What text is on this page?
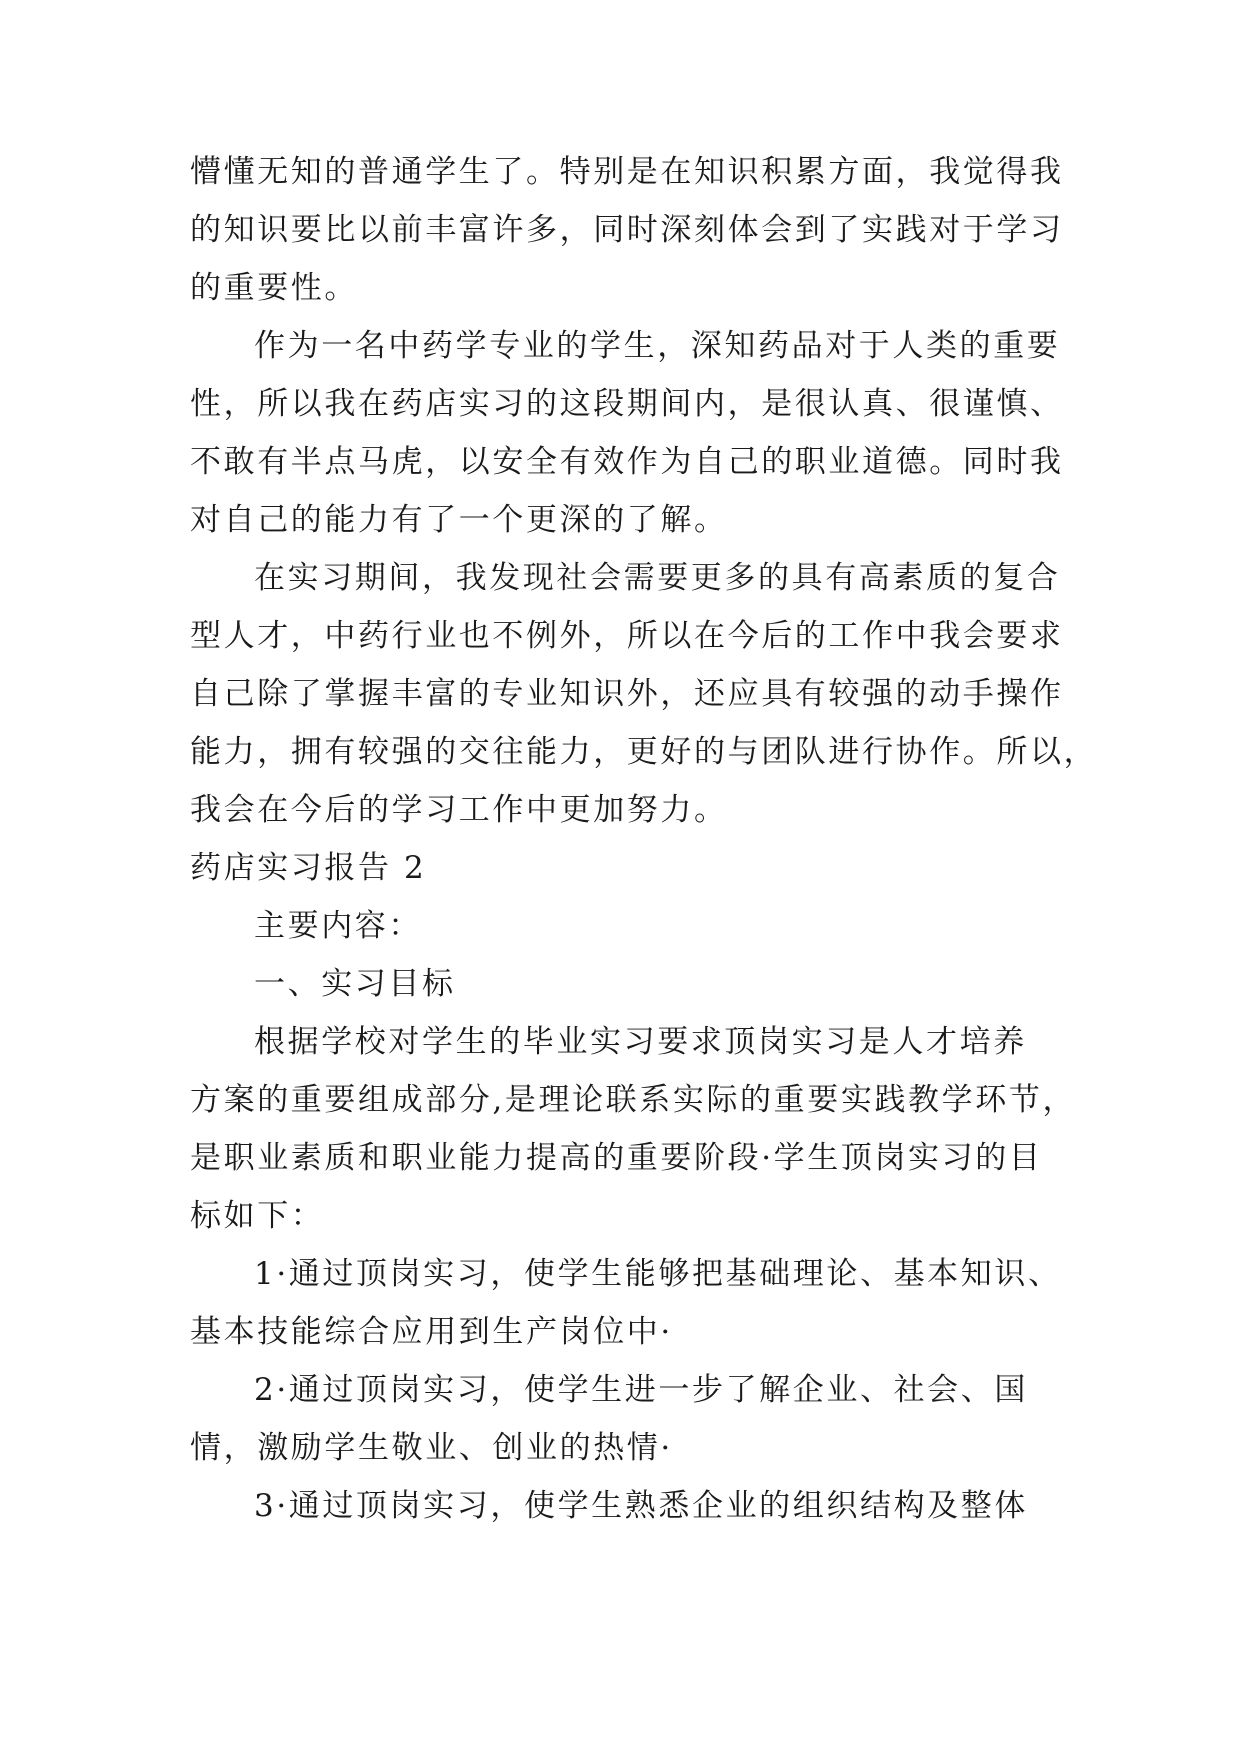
懵懂无知的普通学生了。特别是在知识积累方面，我觉得我

的知识要比以前丰富许多，同时深刻体会到了实践对于学习

的重要性。

作为一名中药学专业的学生，深知药品对于人类的重要

性，所以我在药店实习的这段期间内，是很认真、很谨慎、

不敢有半点马虎，以安全有效作为自己的职业道德。同时我

对自己的能力有了一个更深的了解。

在实习期间，我发现社会需要更多的具有高素质的复合

型人才，中药行业也不例外，所以在今后的工作中我会要求

自己除了掌握丰富的专业知识外，还应具有较强的动手操作

能力，拥有较强的交往能力，更好的与团队进行协作。所以，

我会在今后的学习工作中更加努力。

药店实习报告 2

主要内容：

一、实习目标

根据学校对学生的毕业实习要求顶岗实习是人才培养

方案的重要组成部分,是理论联系实际的重要实践教学环节，

是职业素质和职业能力提高的重要阶段·学生顶岗实习的目

标如下：

1·通过顶岗实习，使学生能够把基础理论、基本知识、

基本技能综合应用到生产岗位中·

2·通过顶岗实习，使学生进一步了解企业、社会、国

情，激励学生敬业、创业的热情·

3·通过顶岗实习，使学生熟悉企业的组织结构及整体
